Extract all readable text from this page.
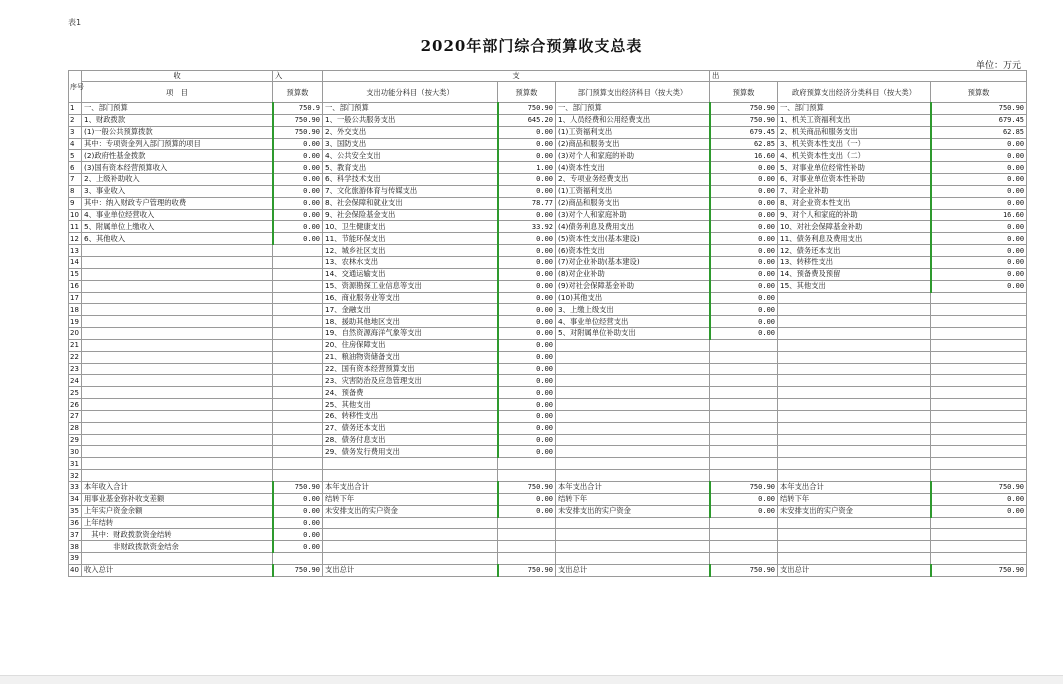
表1
2020年部门综合预算收支总表
单位：万元
序号	收	入	支			出		
	项　目	预算数	支出功能分科目（按大类）	预算数	部门预算支出经济科目（按大类）	预算数	政府预算支出经济分类科目（按大类）	预算数
1	一、部门预算	750.9	一、部门预算	750.90	一、部门预算	750.90	一、部门预算	750.90
2	1、财政拨款	750.90	1、一般公共服务支出	645.20	1、人员经费和公用经费支出	750.90	1、机关工资福利支出	679.45
3	(1)一般公共预算拨款	750.90	2、外交支出	0.00	(1)工资福利支出	679.45	2、机关商品和服务支出	62.85
4	其中：专项资金列入部门预算的项目	0.00	3、国防支出	0.00	(2)商品和服务支出	62.85	3、机关资本性支出（一）	0.00
5	(2)政府性基金拨款	0.00	4、公共安全支出	0.00	(3)对个人和家庭的补助	16.60	4、机关资本性支出（二）	0.00
6	(3)国有资本经营预算收入	0.00	5、教育支出	1.00	(4)资本性支出	0.00	5、对事业单位经常性补助	0.00
7	2、上级补助收入	0.00	6、科学技术支出	0.00	2、专项业务经费支出	0.00	6、对事业单位资本性补助	0.00
8	3、事业收入	0.00	7、文化旅游体育与传媒支出	0.00	(1)工资福利支出	0.00	7、对企业补助	0.00
9	其中：纳入财政专户管理的收费	0.00	8、社会保障和就业支出	78.77	(2)商品和服务支出	0.00	8、对企业资本性支出	0.00
10	4、事业单位经营收入	0.00	9、社会保险基金支出	0.00	(3)对个人和家庭补助	0.00	9、对个人和家庭的补助	16.60
11	5、附属单位上缴收入	0.00	10、卫生健康支出	33.92	(4)债务利息及费用支出	0.00	10、对社会保障基金补助	0.00
12	6、其他收入	0.00	11、节能环保支出	0.00	(5)资本性支出(基本建设)	0.00	11、债务利息及费用支出	0.00
13			12、城乡社区支出	0.00	(6)资本性支出	0.00	12、债务还本支出	0.00
14			13、农林水支出	0.00	(7)对企业补助(基本建设)	0.00	13、转移性支出	0.00
15			14、交通运输支出	0.00	(8)对企业补助	0.00	14、预备费及预留	0.00
16			15、资源勘探工业信息等支出	0.00	(9)对社会保障基金补助	0.00	15、其他支出	0.00
17			16、商业服务业等支出	0.00	(10)其他支出	0.00		
18			17、金融支出	0.00	3、上缴上级支出	0.00		
19			18、援助其他地区支出	0.00	4、事业单位经营支出	0.00		
20			19、自然资源海洋气象等支出	0.00	5、对附属单位补助支出	0.00		
21			20、住房保障支出	0.00				
22			21、粮油物资储备支出	0.00				
23			22、国有资本经营预算支出	0.00				
24			23、灾害防治及应急管理支出	0.00				
25			24、预备费	0.00				
26			25、其他支出	0.00				
27			26、转移性支出	0.00				
28			27、债务还本支出	0.00				
29			28、债务付息支出	0.00				
30			29、债务发行费用支出	0.00				
31								
32								
33	本年收入合计	750.90	本年支出合计	750.90	本年支出合计	750.90	本年支出合计	750.90
34	用事业基金弥补收支差额	0.00	结转下年	0.00	结转下年	0.00	结转下年	0.00
35	上年实户资金余额	0.00	未安排支出的实户资金	0.00	未安排支出的实户资金	0.00	未安排支出的实户资金	0.00
36	上年结转	0.00						
37	　其中：财政拨款资金结转	0.00						
38	　　　　非财政拨款资金结余	0.00						
39								
40	收入总计	750.90	支出总计	750.90	支出总计	750.90	支出总计	750.90
